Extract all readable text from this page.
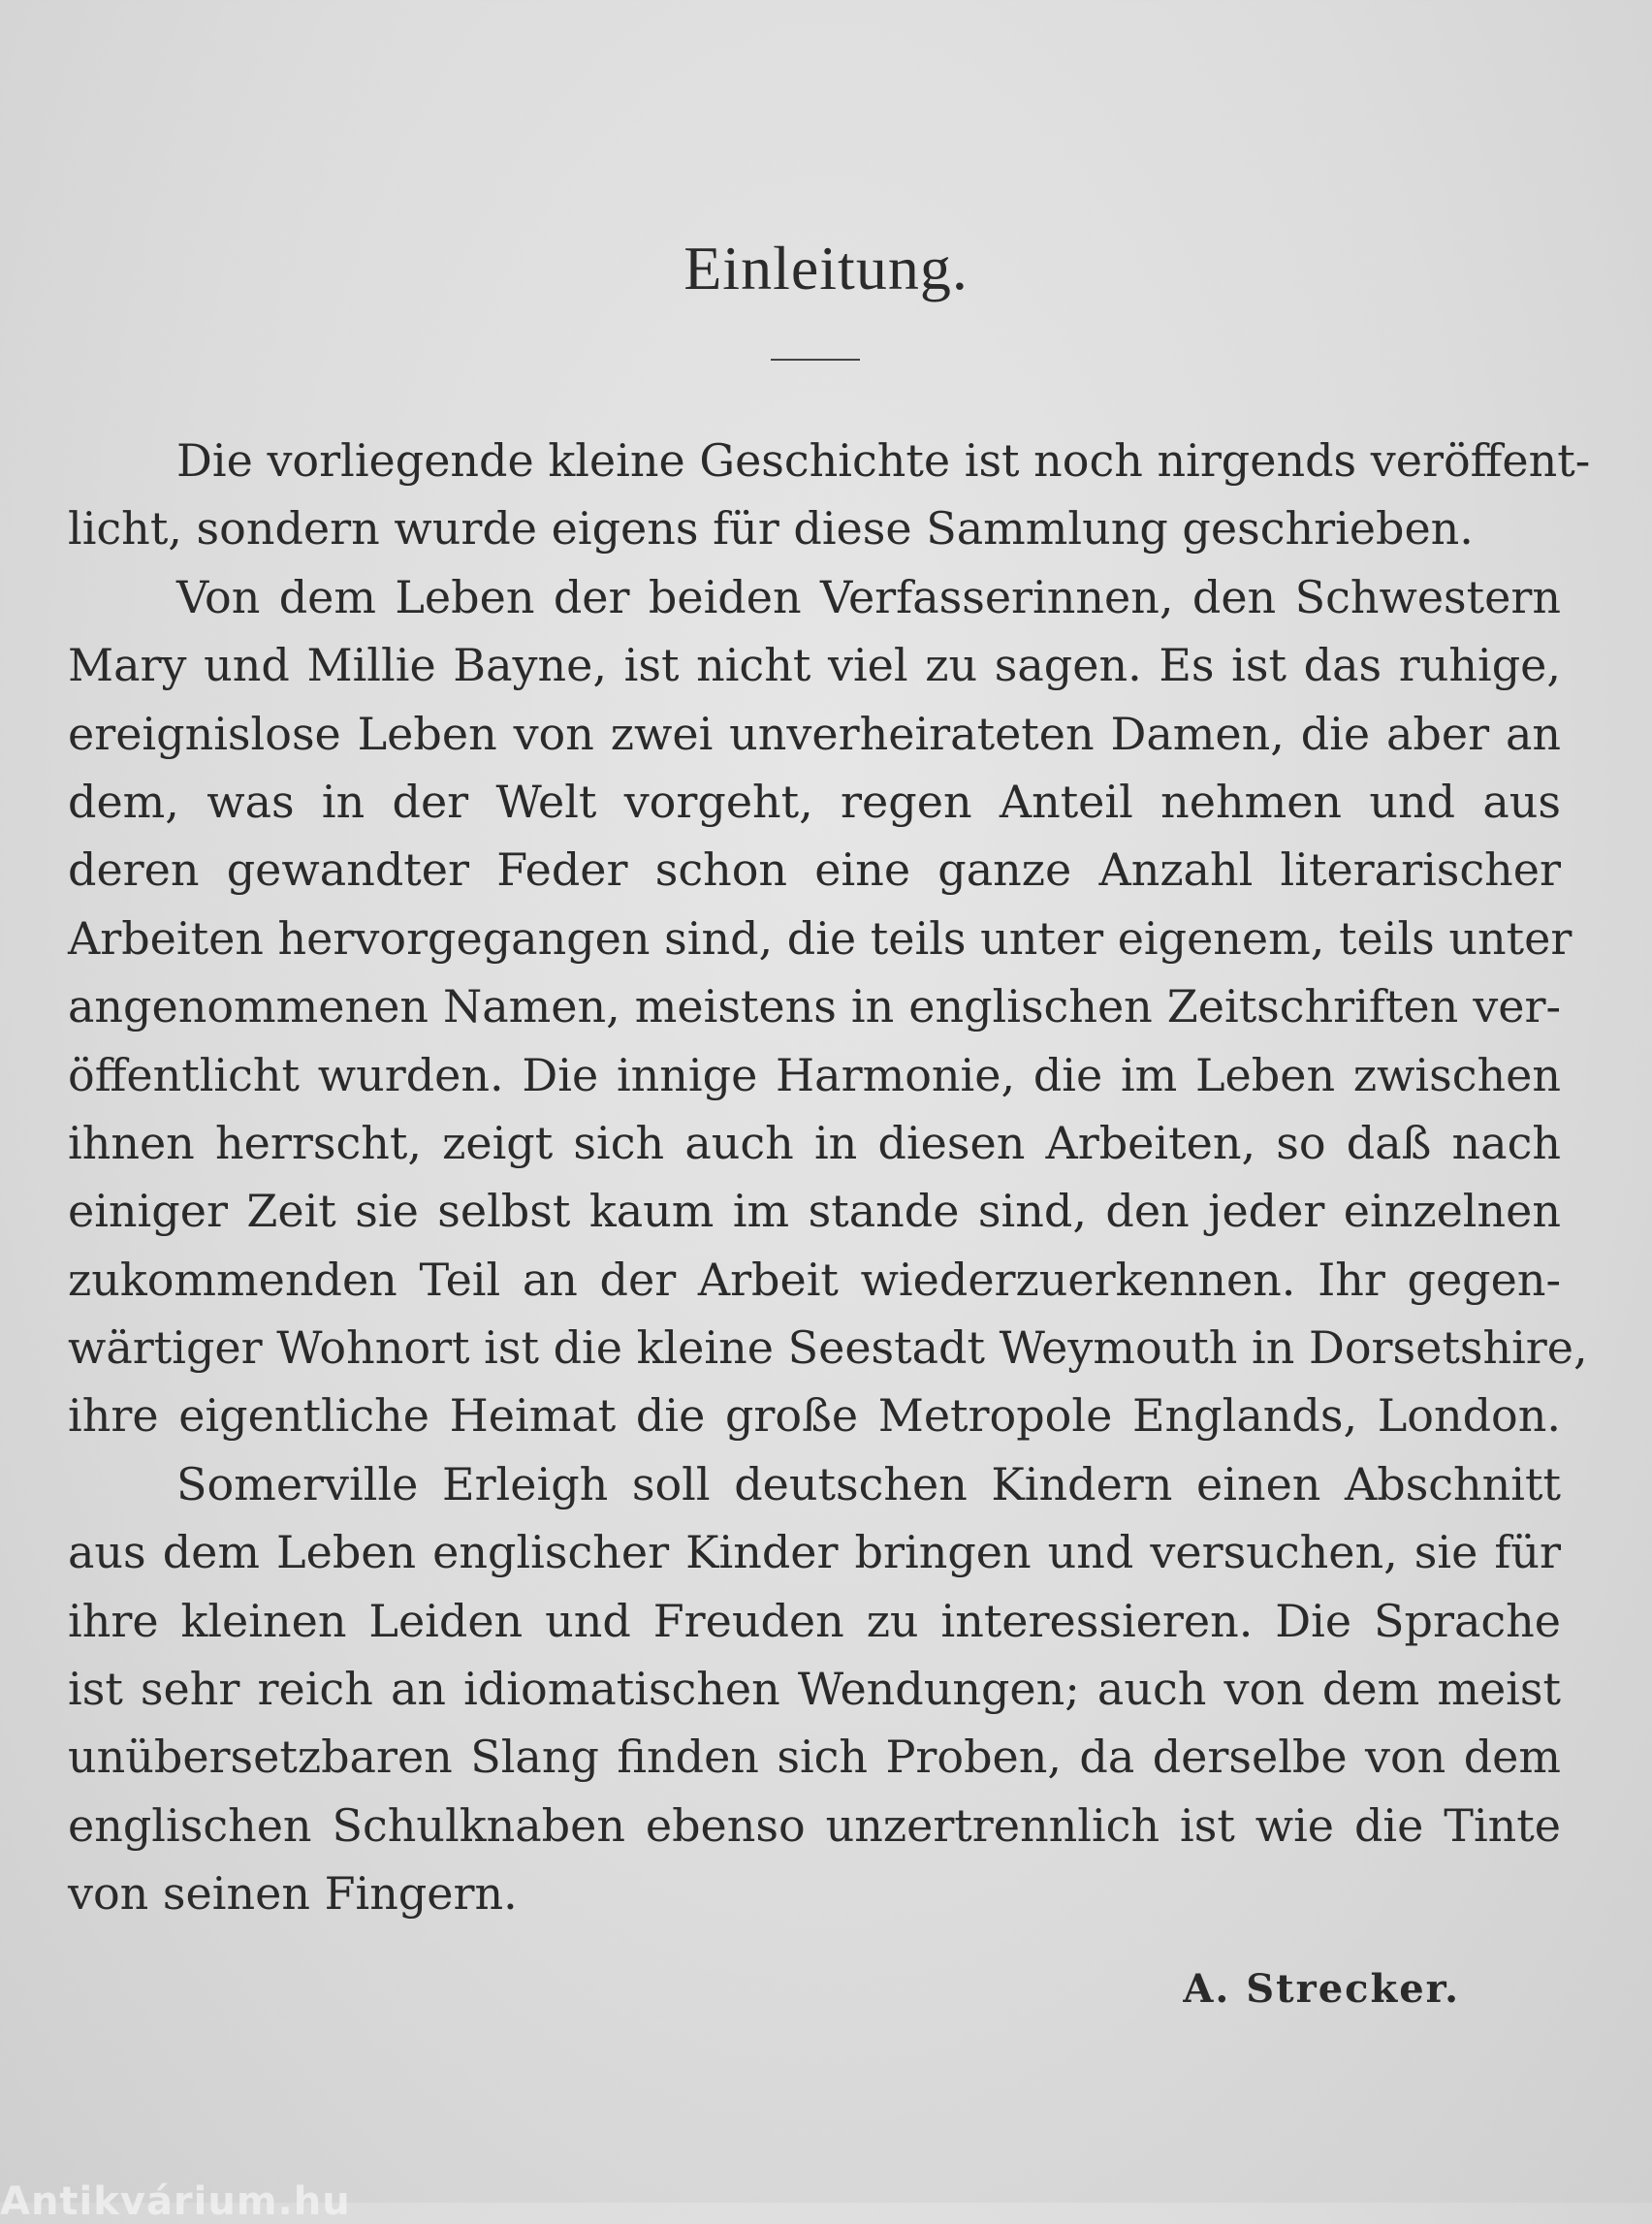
Einleitung.
Die vorliegende kleine Geschichte ist noch nirgends veröffent-
licht, sondern wurde eigens für diese Sammlung geschrieben.
Von dem Leben der beiden Verfasserinnen, den Schwestern
Mary und Millie Bayne, ist nicht viel zu sagen. Es ist das ruhige,
ereignislose Leben von zwei unverheirateten Damen, die aber an
dem, was in der Welt vorgeht, regen Anteil nehmen und aus
deren gewandter Feder schon eine ganze Anzahl literarischer
Arbeiten hervorgegangen sind, die teils unter eigenem, teils unter
angenommenen Namen, meistens in englischen Zeitschriften ver-
öffentlicht wurden. Die innige Harmonie, die im Leben zwischen
ihnen herrscht, zeigt sich auch in diesen Arbeiten, so daß nach
einiger Zeit sie selbst kaum im stande sind, den jeder einzelnen
zukommenden Teil an der Arbeit wiederzuerkennen. Ihr gegen-
wärtiger Wohnort ist die kleine Seestadt Weymouth in Dorsetshire,
ihre eigentliche Heimat die große Metropole Englands, London.
Somerville Erleigh soll deutschen Kindern einen Abschnitt
aus dem Leben englischer Kinder bringen und versuchen, sie für
ihre kleinen Leiden und Freuden zu interessieren. Die Sprache
ist sehr reich an idiomatischen Wendungen; auch von dem meist
unübersetzbaren Slang finden sich Proben, da derselbe von dem
englischen Schulknaben ebenso unzertrennlich ist wie die Tinte
von seinen Fingern.
A. Strecker.
Antikvárium.hu
